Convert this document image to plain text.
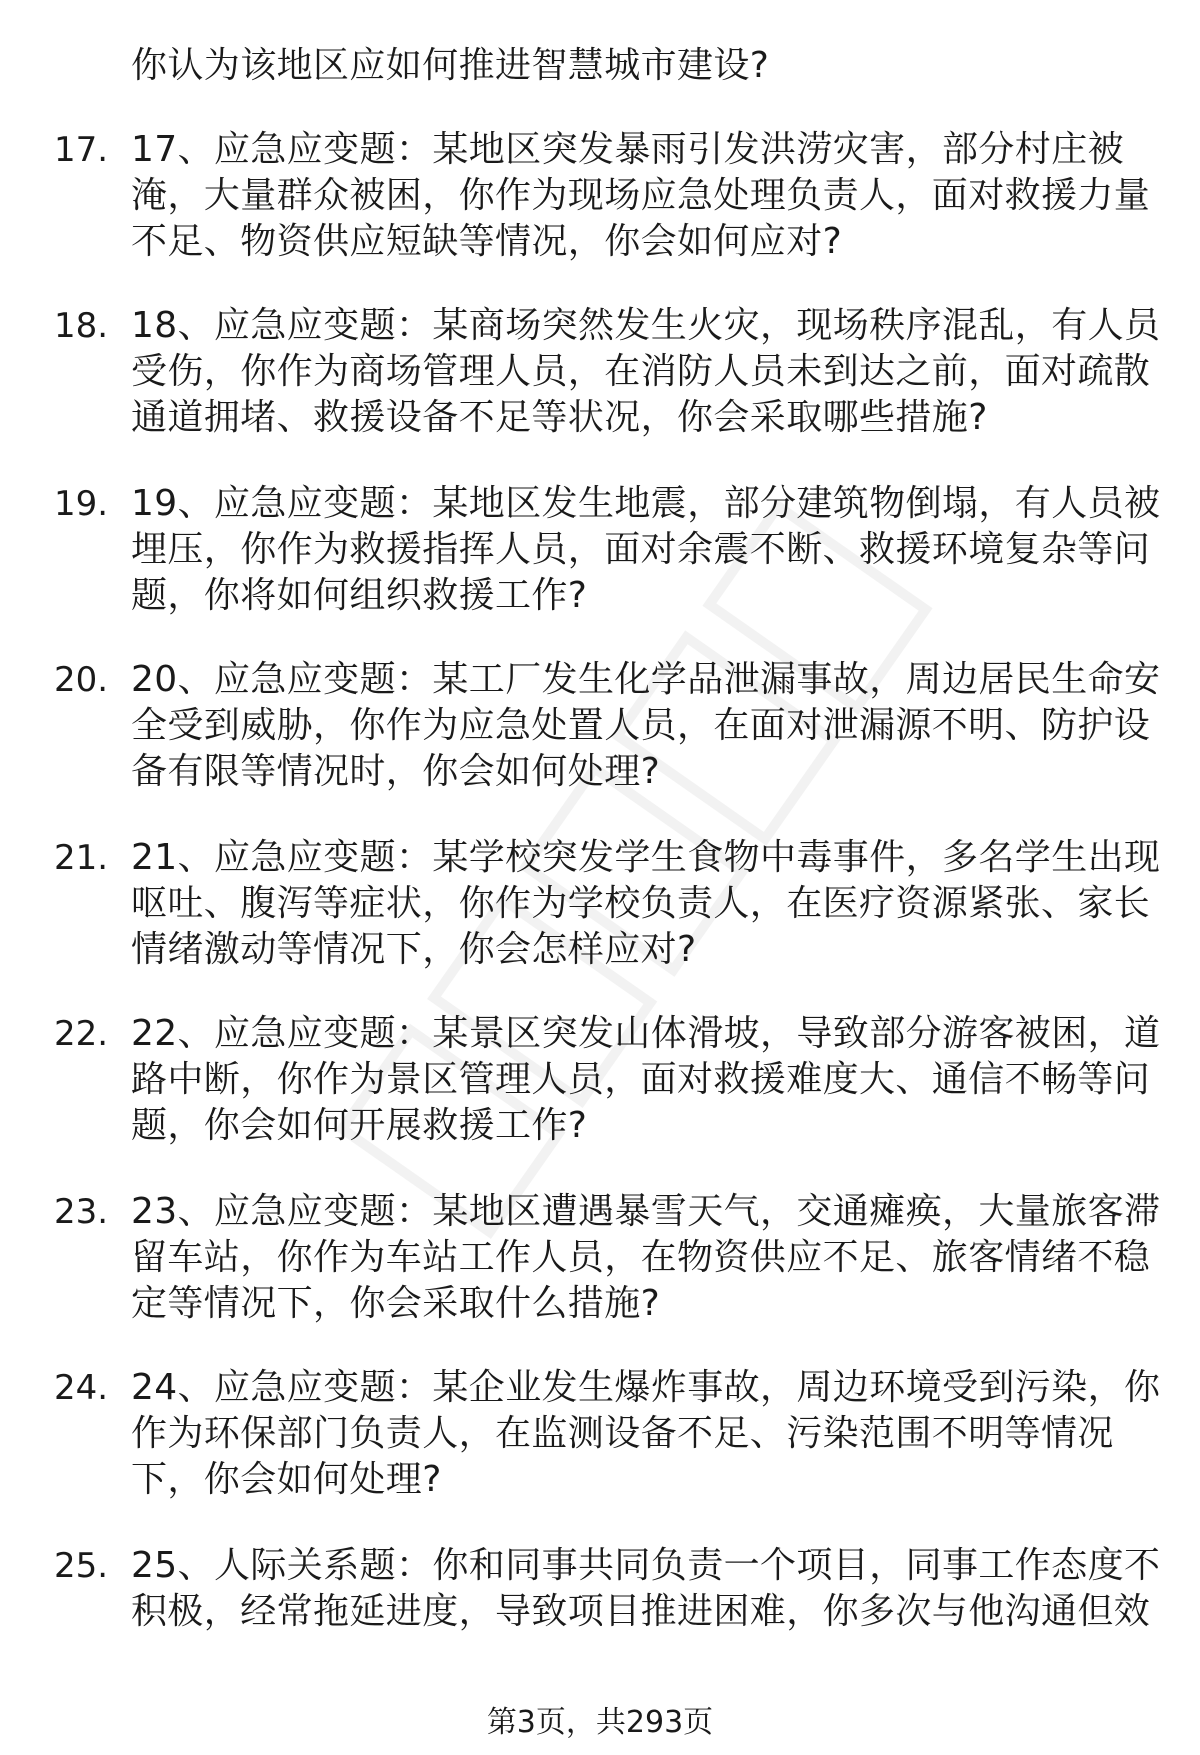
你认为该地区应如何推进智慧城市建设?
17. 17、应急应变题：某地区突发暴雨引发洪涝灾害，部分村庄被
淹，大量群众被困，你作为现场应急处理负责人，面对救援力量
不足、物资供应短缺等情况，你会如何应对?
18. 18、应急应变题：某商场突然发生火灾，现场秩序混乱，有人员
受伤，你作为商场管理人员，在消防人员未到达之前，面对疏散
通道拥堵、救援设备不足等状况，你会采取哪些措施?
19. 19、应急应变题：某地区发生地震，部分建筑物倒塌，有人员被
埋压，你作为救援指挥人员，面对余震不断、救援环境复杂等问
题，你将如何组织救援工作?
20. 20、应急应变题：某工厂发生化学品泄漏事故，周边居民生命安
全受到威胁，你作为应急处置人员，在面对泄漏源不明、防护设
备有限等情况时，你会如何处理?
21. 21、应急应变题：某学校突发学生食物中毒事件，多名学生出现
呕吐、腹泻等症状，你作为学校负责人，在医疗资源紧张、家长
情绪激动等情况下，你会怎样应对?
22. 22、应急应变题：某景区突发山体滑坡，导致部分游客被困，道
路中断，你作为景区管理人员，面对救援难度大、通信不畅等问
题，你会如何开展救援工作?
23. 23、应急应变题：某地区遭遇暴雪天气，交通瘫痪，大量旅客滞
留车站，你作为车站工作人员，在物资供应不足、旅客情绪不稳
定等情况下，你会采取什么措施?
24. 24、应急应变题：某企业发生爆炸事故，周边环境受到污染，你
作为环保部门负责人，在监测设备不足、污染范围不明等情况
下，你会如何处理?
25. 25、人际关系题：你和同事共同负责一个项目，同事工作态度不
积极，经常拖延进度，导致项目推进困难，你多次与他沟通但效
第3页，共293页
